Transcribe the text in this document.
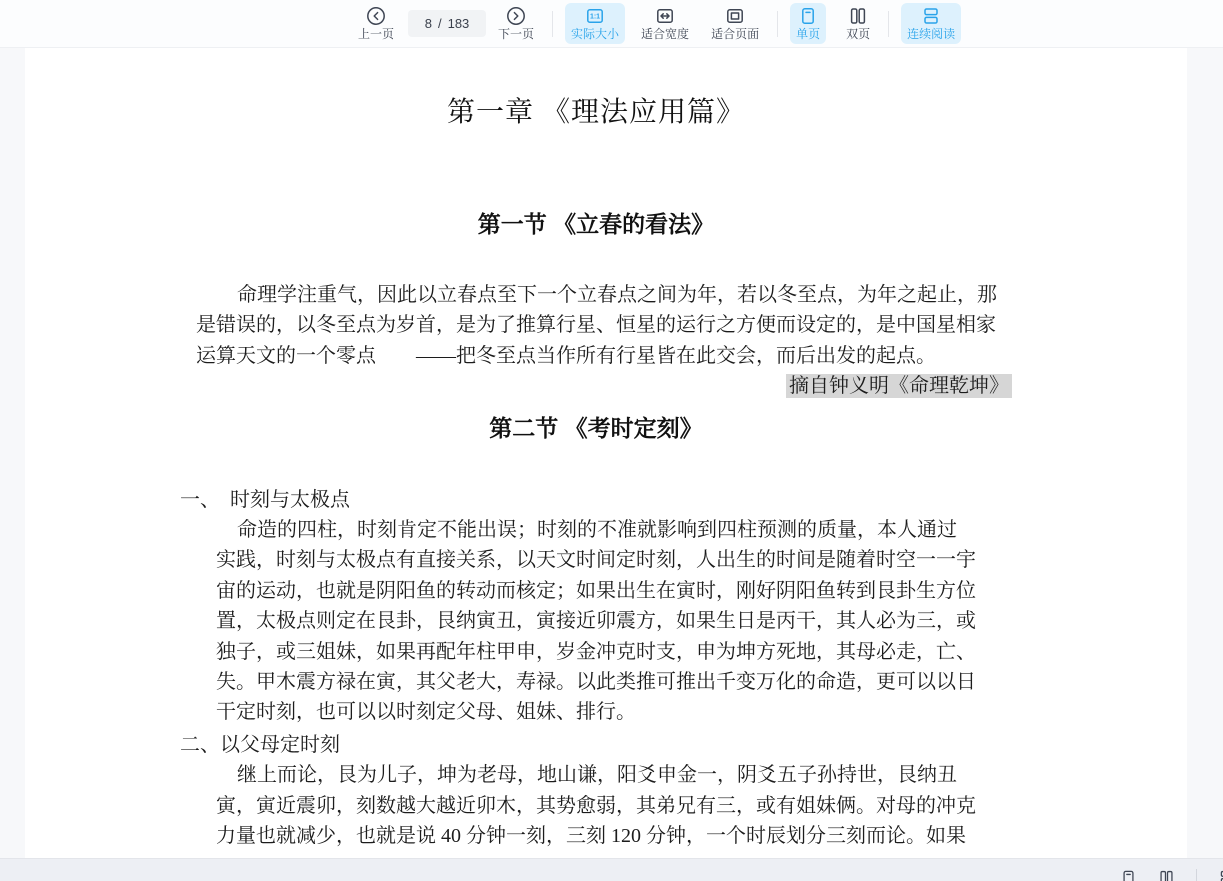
上一页
8 / 183
下一页
1:1
实际大小 适合宽度 适合页面	单页 双页	连续阅读
第一章 《理法应用篇》
第一节 《立春的看法》
命理学注重气，因此以立春点至下一个立春点之间为年，若以冬至点，为年之起止，那
是错误的，以冬至点为岁首，是为了推算行星、恒星的运行之方便而设定的，是中国星相家
运算天文的一个零点　　——把冬至点当作所有行星皆在此交会，而后出发的起点。
摘自钟义明《命理乾坤》
第二节 《考时定刻》
一、　时刻与太极点
命造的四柱，时刻肯定不能出误；时刻的不准就影响到四柱预测的质量，本人通过
实践，时刻与太极点有直接关系，以天文时间定时刻，人出生的时间是随着时空一一宇
宙的运动，也就是阴阳鱼的转动而核定；如果出生在寅时，刚好阴阳鱼转到艮卦生方位
置，太极点则定在艮卦，艮纳寅丑，寅接近卯震方，如果生日是丙干，其人必为三，或
独子，或三姐妹，如果再配年柱甲申，岁金冲克时支，申为坤方死地，其母必走，亡、
失。甲木震方禄在寅，其父老大，寿禄。以此类推可推出千变万化的命造，更可以以日
干定时刻，也可以以时刻定父母、姐妹、排行。
二、以父母定时刻
继上而论，艮为儿子，坤为老母，地山谦，阳爻申金一，阴爻五子孙持世，艮纳丑
寅，寅近震卯，刻数越大越近卯木，其势愈弱，其弟兄有三，或有姐妹俩。对母的冲克
力量也就减少，也就是说 40 分钟一刻，三刻 120 分钟，一个时辰划分三刻而论。如果
